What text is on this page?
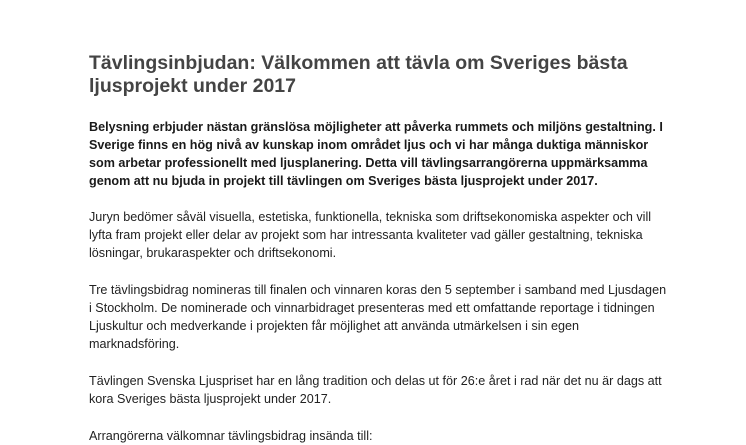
Tävlingsinbjudan: Välkommen att tävla om Sveriges bästa ljusprojekt under 2017

Belysning erbjuder nästan gränslösa möjligheter att påverka rummets och miljöns gestaltning. I Sverige finns en hög nivå av kunskap inom området ljus och vi har många duktiga människor som arbetar professionellt med ljusplanering. Detta vill tävlingsarrangörerna uppmärksamma genom att nu bjuda in projekt till tävlingen om Sveriges bästa ljusprojekt under 2017.

Juryn bedömer såväl visuella, estetiska, funktionella, tekniska som driftsekonomiska aspekter och vill lyfta fram projekt eller delar av projekt som har intressanta kvaliteter vad gäller gestaltning, tekniska lösningar, brukaraspekter och driftsekonomi.

Tre tävlingsbidrag nomineras till finalen och vinnaren koras den 5 september i samband med Ljusdagen i Stockholm. De nominerade och vinnarbidraget presenteras med ett omfattande reportage i tidningen Ljuskultur och medverkande i projekten får möjlighet att använda utmärkelsen i sin egen marknadsföring.

Tävlingen Svenska Ljuspriset har en lång tradition och delas ut för 26:e året i rad när det nu är dags att kora Sveriges bästa ljusprojekt under 2017.

Arrangörerna välkomnar tävlingsbidrag insända till:
